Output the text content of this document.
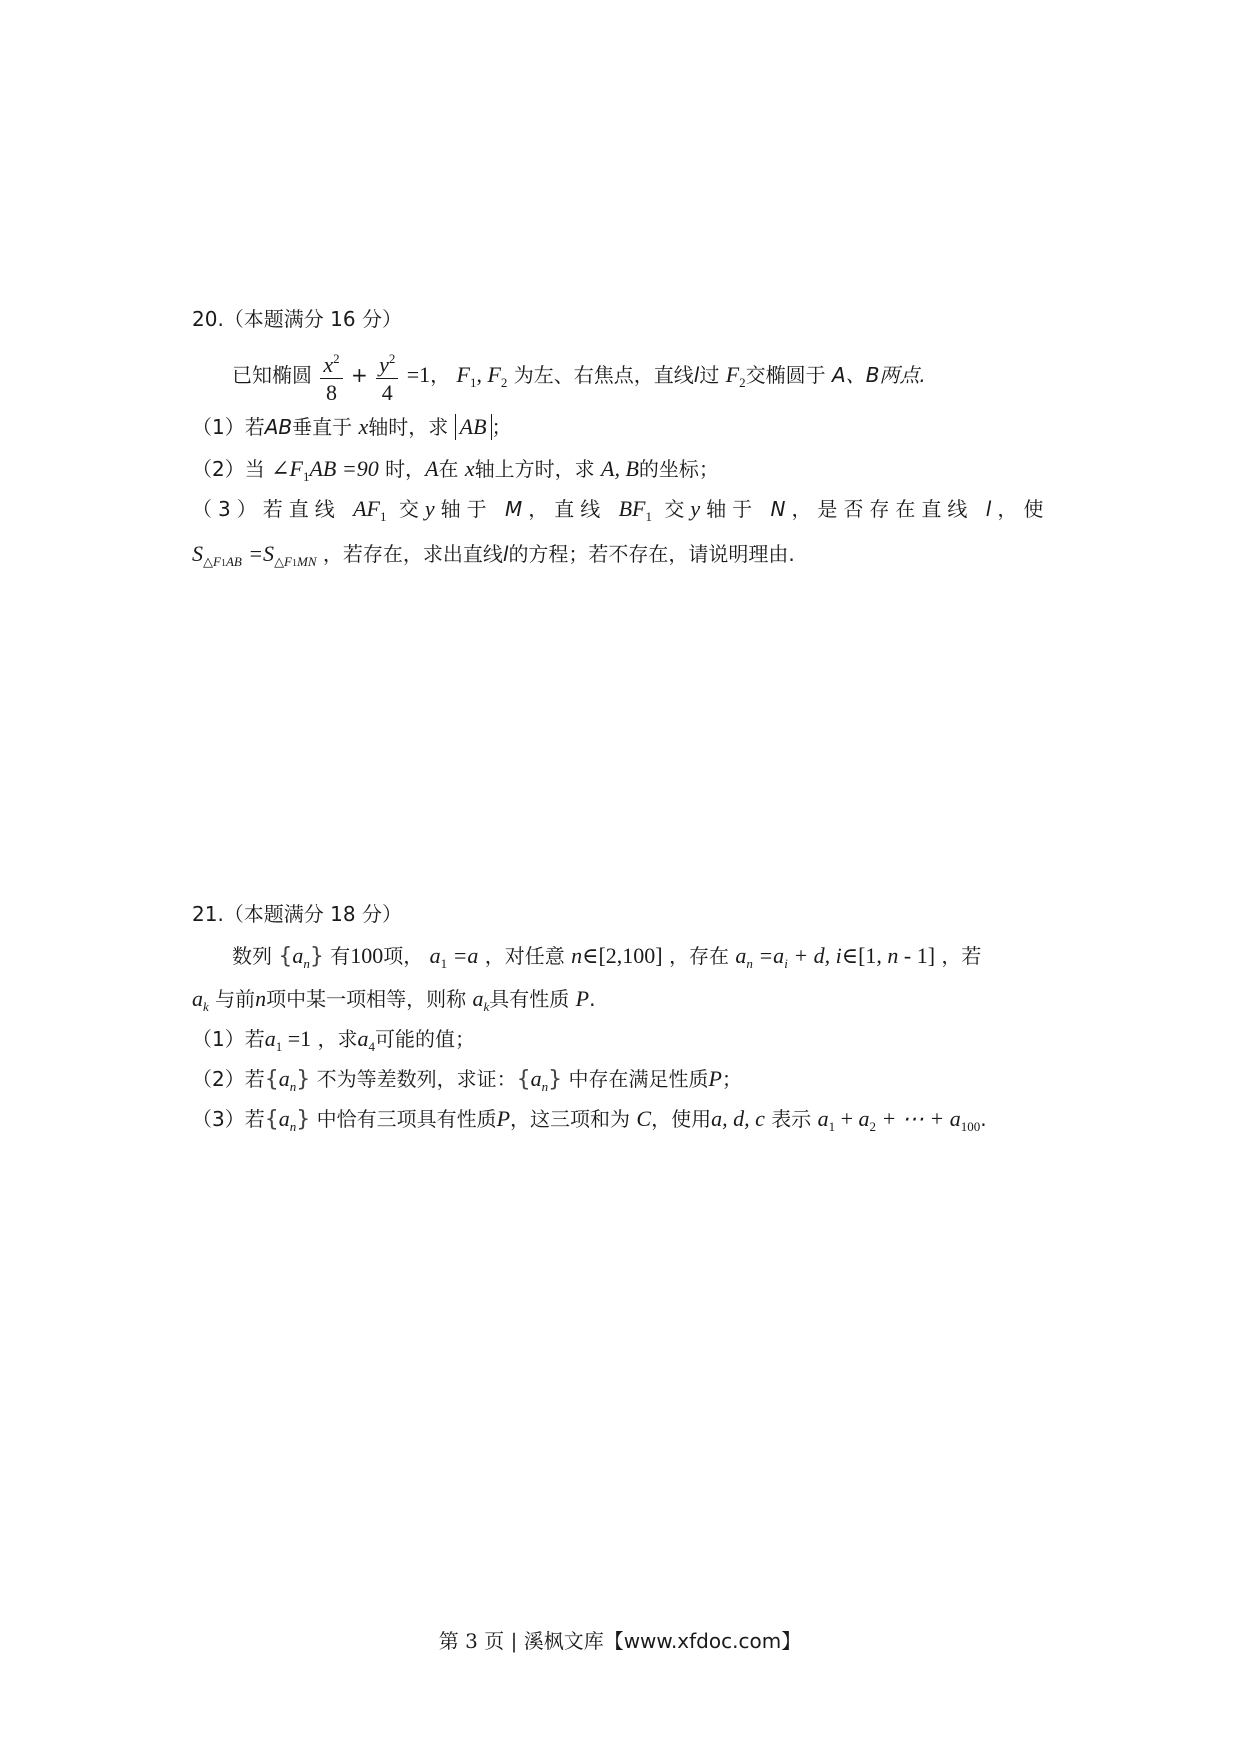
20.（本题满分 16 分）
已知椭圆 $\frac{x^2}{8} + \frac{y^2}{4} =1$， $F_1$, $F_2$ 为左、右焦点，直线l过 $F_2$交椭圆于 A、B两点.
（1）若AB垂直于 x轴时，求 AB ；
（2）当 $\angle F_1AB =90$ 时，A在 x轴上方时，求 A, B的坐标；
（3）若直线 $AF_1$ 交y轴于 M，直线 $BF_1$ 交y轴于 N，是否存在直线 l，使
$S_{\triangle F1AB} =S_{\triangle F1MN}$ ，若存在，求出直线l的方程；若不存在，请说明理由.
21.（本题满分 18 分）
数列 $\{a_n\}$ 有100项， $a_1 =a$ ，对任意 n∈[2,100] ，存在 $a_n =a_i + d$, i∈[1, n - 1] ，若
$a_k$ 与前n项中某一项相等，则称 $a_k$具有性质 P.
（1）若$a_1 =1$ ，求$a_4$可能的值；
（2）若$\{a_n\}$ 不为等差数列，求证：$\{a_n\}$ 中存在满足性质P；
（3）若$\{a_n\}$ 中恰有三项具有性质P，这三项和为 C，使用a, d, c 表示 $a_1 + a_2$ + ⋯ + $a_{100}$.
第 3 页 | 溪枫文库【www.xfdoc.com】
